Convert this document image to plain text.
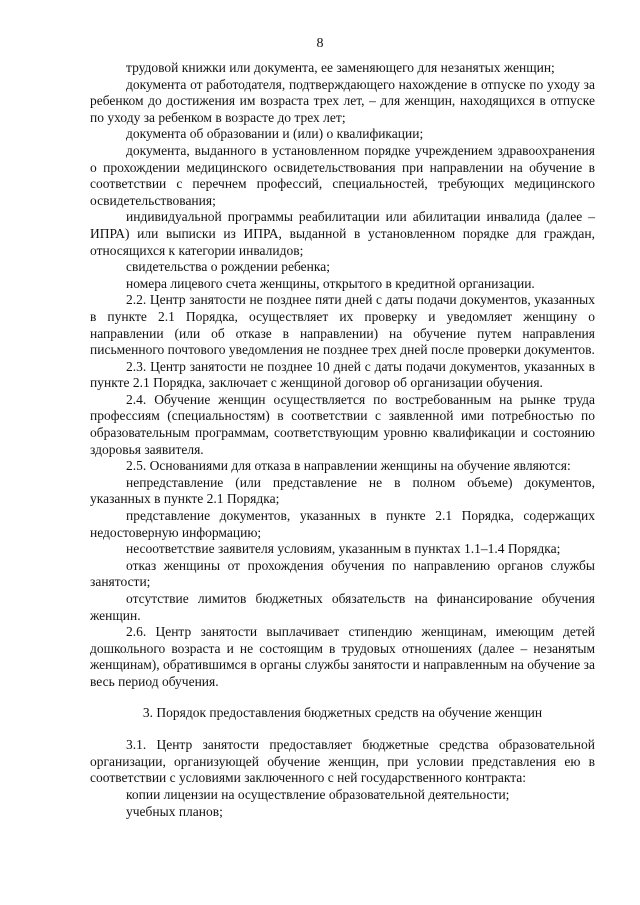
8

трудовой книжки или документа, ее заменяющего для незанятых женщин;

документа от работодателя, подтверждающего нахождение в отпуске по уходу за ребенком до достижения им возраста трех лет, – для женщин, находящихся в отпуске по уходу за ребенком в возрасте до трех лет;

документа об образовании и (или) о квалификации;

документа, выданного в установленном порядке учреждением здравоохранения о прохождении медицинского освидетельствования при направлении на обучение в соответствии с перечнем профессий, специальностей, требующих медицинского освидетельствования;

индивидуальной программы реабилитации или абилитации инвалида (далее – ИПРА) или выписки из ИПРА, выданной в установленном порядке для граждан, относящихся к категории инвалидов;

свидетельства о рождении ребенка;

номера лицевого счета женщины, открытого в кредитной организации.

2.2. Центр занятости не позднее пяти дней с даты подачи документов, указанных в пункте 2.1 Порядка, осуществляет их проверку и уведомляет женщину о направлении (или об отказе в направлении) на обучение путем направления письменного почтового уведомления не позднее трех дней после проверки документов.

2.3. Центр занятости не позднее 10 дней с даты подачи документов, указанных в пункте 2.1 Порядка, заключает с женщиной договор об организации обучения.

2.4. Обучение женщин осуществляется по востребованным на рынке труда профессиям (специальностям) в соответствии с заявленной ими потребностью по образовательным программам, соответствующим уровню квалификации и состоянию здоровья заявителя.

2.5. Основаниями для отказа в направлении женщины на обучение являются:

непредставление (или представление не в полном объеме) документов, указанных в пункте 2.1 Порядка;

представление документов, указанных в пункте 2.1 Порядка, содержащих недостоверную информацию;

несоответствие заявителя условиям, указанным в пунктах 1.1–1.4 Порядка;

отказ женщины от прохождения обучения по направлению органов службы занятости;

отсутствие лимитов бюджетных обязательств на финансирование обучения женщин.

2.6. Центр занятости выплачивает стипендию женщинам, имеющим детей дошкольного возраста и не состоящим в трудовых отношениях (далее – незанятым женщинам), обратившимся в органы службы занятости и направленным на обучение за весь период обучения.

3. Порядок предоставления бюджетных средств на обучение женщин

3.1. Центр занятости предоставляет бюджетные средства образовательной организации, организующей обучение женщин, при условии представления ею в соответствии с условиями заключенного с ней государственного контракта:

копии лицензии на осуществление образовательной деятельности;

учебных планов;
